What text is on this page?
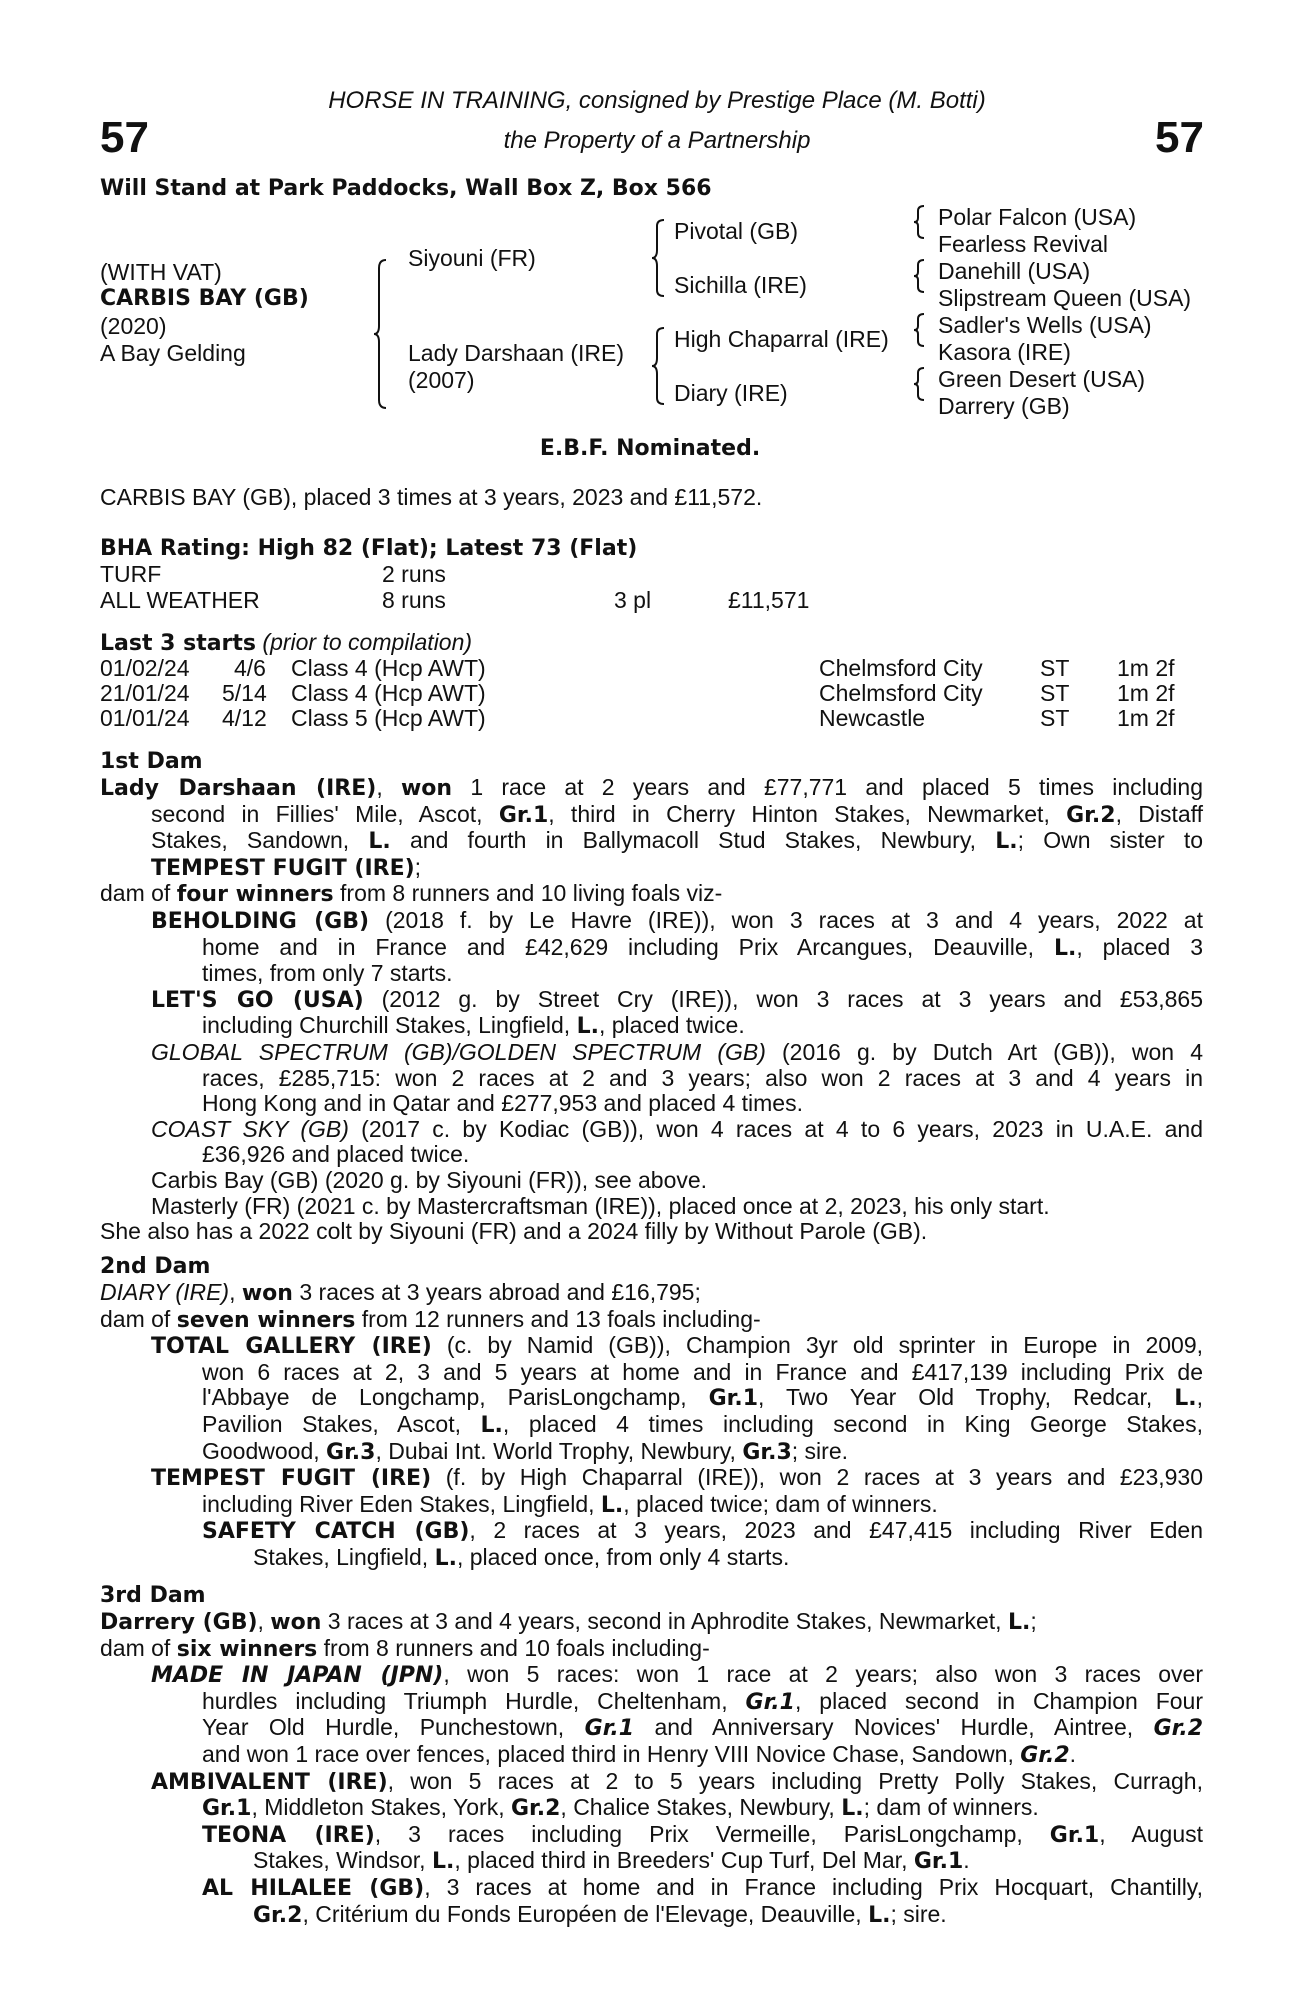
57	57
HORSE IN TRAINING, consigned by Prestige Place (M. Botti)
the Property of a Partnership
Will Stand at Park Paddocks, Wall Box Z, Box 566
(WITH VAT)
CARBIS BAY (GB)
(2020)
A Bay Gelding
Siyouni (FR)
Lady Darshaan (IRE)
(2007)
Pivotal (GB)
Sichilla (IRE)
High Chaparral (IRE)
Diary (IRE)
Polar Falcon (USA)
Fearless Revival
Danehill (USA)
Slipstream Queen (USA)
Sadler's Wells (USA)
Kasora (IRE)
Green Desert (USA)
Darrery (GB)
E.B.F. Nominated.
CARBIS BAY (GB), placed 3 times at 3 years, 2023 and £11,572.
BHA Rating: High 82 (Flat); Latest 73 (Flat)
TURF	2 runs
ALL WEATHER	8 runs	3 pl	£11,571
Last 3 starts (prior to compilation)
01/02/24 4/6 Class 4 (Hcp AWT)	Chelmsford City ST 1m 2f
21/01/24 5/14 Class 4 (Hcp AWT)	Chelmsford City ST 1m 2f
01/01/24 4/12 Class 5 (Hcp AWT)	Newcastle	ST 1m 2f
1st Dam
Lady Darshaan (IRE), won 1 race at 2 years and £77,771 and placed 5 times including
second in Fillies' Mile, Ascot, Gr.1, third in Cherry Hinton Stakes, Newmarket, Gr.2, Distaff
Stakes, Sandown, L. and fourth in Ballymacoll Stud Stakes, Newbury, L.; Own sister to
TEMPEST FUGIT (IRE);
dam of four winners from 8 runners and 10 living foals viz-
BEHOLDING (GB) (2018 f. by Le Havre (IRE)), won 3 races at 3 and 4 years, 2022 at
home and in France and £42,629 including Prix Arcangues, Deauville, L., placed 3
times, from only 7 starts.
LET'S GO (USA) (2012 g. by Street Cry (IRE)), won 3 races at 3 years and £53,865
including Churchill Stakes, Lingfield, L., placed twice.
GLOBAL SPECTRUM (GB)/GOLDEN SPECTRUM (GB) (2016 g. by Dutch Art (GB)), won 4
races, £285,715: won 2 races at 2 and 3 years; also won 2 races at 3 and 4 years in
Hong Kong and in Qatar and £277,953 and placed 4 times.
COAST SKY (GB) (2017 c. by Kodiac (GB)), won 4 races at 4 to 6 years, 2023 in U.A.E. and
£36,926 and placed twice.
Carbis Bay (GB) (2020 g. by Siyouni (FR)), see above.
Masterly (FR) (2021 c. by Mastercraftsman (IRE)), placed once at 2, 2023, his only start.
She also has a 2022 colt by Siyouni (FR) and a 2024 filly by Without Parole (GB).
2nd Dam
DIARY (IRE), won 3 races at 3 years abroad and £16,795;
dam of seven winners from 12 runners and 13 foals including-
TOTAL GALLERY (IRE) (c. by Namid (GB)), Champion 3yr old sprinter in Europe in 2009,
won 6 races at 2, 3 and 5 years at home and in France and £417,139 including Prix de
l'Abbaye de Longchamp, ParisLongchamp, Gr.1, Two Year Old Trophy, Redcar, L.,
Pavilion Stakes, Ascot, L., placed 4 times including second in King George Stakes,
Goodwood, Gr.3, Dubai Int. World Trophy, Newbury, Gr.3; sire.
TEMPEST FUGIT (IRE) (f. by High Chaparral (IRE)), won 2 races at 3 years and £23,930
including River Eden Stakes, Lingfield, L., placed twice; dam of winners.
SAFETY CATCH (GB), 2 races at 3 years, 2023 and £47,415 including River Eden
Stakes, Lingfield, L., placed once, from only 4 starts.
3rd Dam
Darrery (GB), won 3 races at 3 and 4 years, second in Aphrodite Stakes, Newmarket, L.;
dam of six winners from 8 runners and 10 foals including-
MADE IN JAPAN (JPN), won 5 races: won 1 race at 2 years; also won 3 races over
hurdles including Triumph Hurdle, Cheltenham, Gr.1, placed second in Champion Four
Year Old Hurdle, Punchestown, Gr.1 and Anniversary Novices' Hurdle, Aintree, Gr.2
and won 1 race over fences, placed third in Henry VIII Novice Chase, Sandown, Gr.2.
AMBIVALENT (IRE), won 5 races at 2 to 5 years including Pretty Polly Stakes, Curragh,
Gr.1, Middleton Stakes, York, Gr.2, Chalice Stakes, Newbury, L.; dam of winners.
TEONA (IRE), 3 races including Prix Vermeille, ParisLongchamp, Gr.1, August
Stakes, Windsor, L., placed third in Breeders' Cup Turf, Del Mar, Gr.1.
AL HILALEE (GB), 3 races at home and in France including Prix Hocquart, Chantilly,
Gr.2, Critérium du Fonds Européen de l'Elevage, Deauville, L.; sire.
